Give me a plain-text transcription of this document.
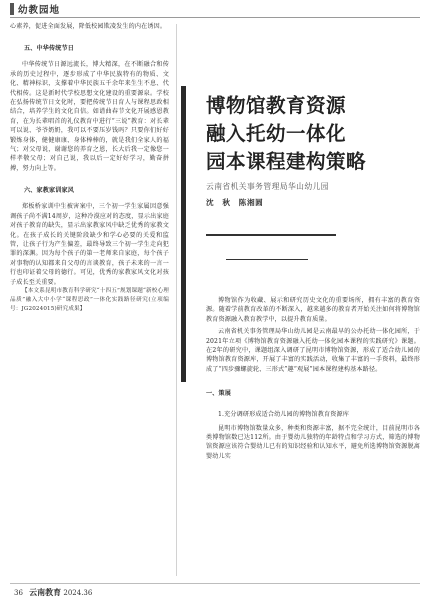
幼教园地

心素养，促进全面发展，降低校园欺凌发生的内在诱因。

五、中华传统节日

中华传统节日源远流长，博大精深，在不断融合和传承的历史过程中，逐步形成了中华民族特有的物质、文化、精神标识，支撑着中华民族五千余年来生生不息、代代相传。这是新时代学校思想文化建设的重要源泉。学校在弘扬传统节日文化时，要把传统节日育人与课程思政相结合，培养学生的文化自信。如谱曲春节文化开展感恩教育，在为长辈唱首的礼仪教育中进行“三说”教育：对长辈可以说、爷爷奶奶，我可以不要压岁钱吗？只要你们好好锻炼身体，健健康康、身体棒棒的，就是我们全家人的福气；对父母说，谢谢您的养育之恩，长大后我一定像您一样孝敬父母；对自己说，我以后一定好好学习，勤奋拼搏，努力向上等。

六、家教家训家风

郑板桥家训中生被害案中，三个初一学生家属因意强调孩子尚不满14周岁，这种冷漠应对的态度，显示出家庭对孩子教育的缺失，显示出家教家风中缺乏优秀的家教文化。在孩子成长的关键阶段缺少和学心必要的关爱和监管，让孩子行为产生偏差，最终导致三个初一学生走向犯罪的深渊。因为每个孩子的第一老师来自家庭，每个孩子对事物的认知都来自父母的言谈教育，孩子未来的一言一行也印证着父母的德行。可见，优秀的家教家风文化对孩子成长至关重要。

【本文系昆明市教育科学研究“十四五”规划课题“新校心理品质”融入大中小学“课程思政”一体化实践路径研究(立项编号：JG2024015)研究成果】

博物馆教育资源
融入托幼一体化
园本课程建构策略
云南省机关事务管理局华山幼儿园
沈　秋　陈湘圆

博物馆作为收藏、展示和研究历史文化的重要场所，拥有丰富的教育资源。随着学前教育改革的不断深入，越来越多的教育者开始关注如何将博物馆教育资源融入教育教学中，以提升教育质量。

云南省机关事务管理局华山幼儿园是云南最早的公办托幼一体化园所，于2021年立项《博物馆教育资源融入托幼一体化园本课程的实践研究》课题。在2年的研究中，课题组深入调研了昆明市博物馆资源，形成了适合幼儿园的博物馆教育资源库，开展了丰富的实践活动，收集了丰富的一手资料，最终形成了“四步骤螺旋轮、三形式”趣“观展”园本课程建构基本路径。

一、策展

1.充分调研形成适合幼儿园的博物馆教育资源库

昆明市博物馆数量众多，种类和资源丰富，据不完全统计，目前昆明市各类博物馆数已达112所。由于婴幼儿独特的年龄特点和学习方式，筛选的博物馆资源应该符合婴幼儿已有的知识经验和认知水平，避免所选博物馆资源脱离婴幼儿实

36 云南教育 2024.36
